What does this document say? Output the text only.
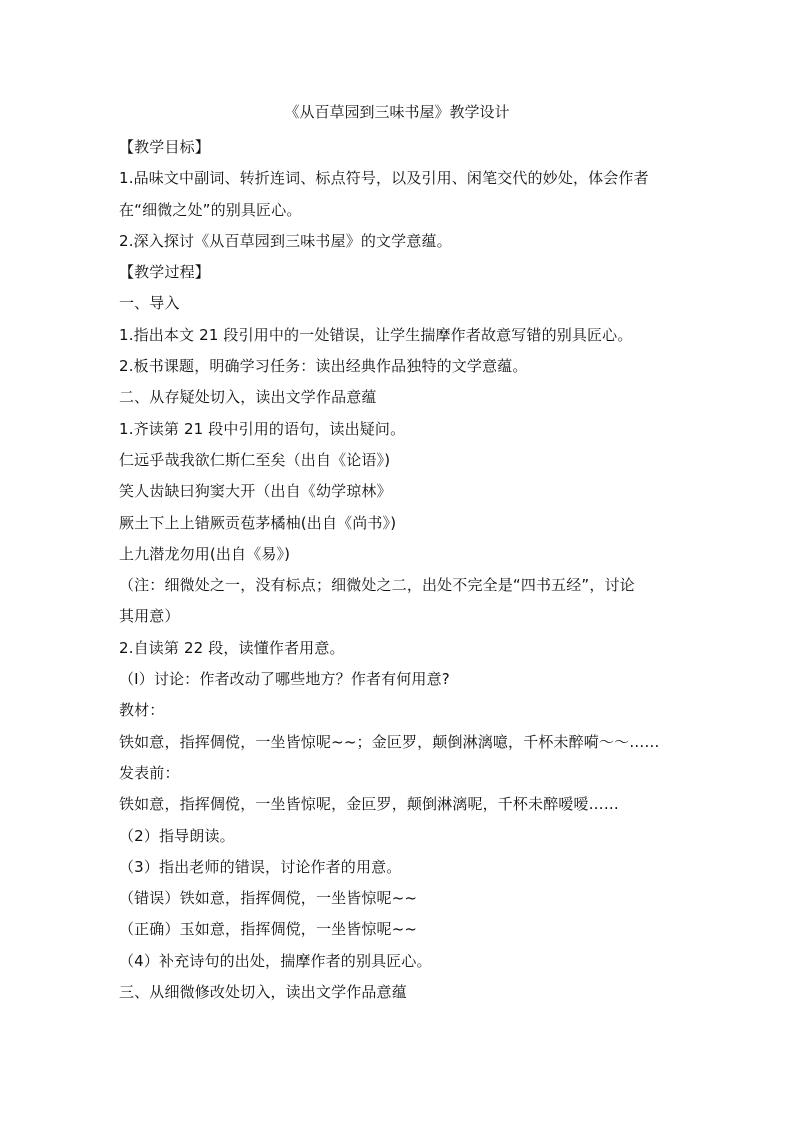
《从百草园到三味书屋》教学设计
【教学目标】
1.品味文中副词、转折连词、标点符号，以及引用、闲笔交代的妙处，体会作者
在“细微之处”的别具匠心。
2.深入探讨《从百草园到三味书屋》的文学意蕴。
【教学过程】
一、导入
1.指出本文 21 段引用中的一处错误，让学生揣摩作者故意写错的别具匠心。
2.板书课题，明确学习任务：读出经典作品独特的文学意蕴。
二、从存疑处切入，读出文学作品意蕴
1.齐读第 21 段中引用的语句，读出疑问。
仁远乎哉我欲仁斯仁至矣（出自《论语》)
笑人齿缺曰狗窦大开（出自《幼学琼林》
厥土下上上错厥贡苞茅橘柚(出自《尚书》)
上九潜龙勿用(出自《易》)
（注：细微处之一，没有标点；细微处之二，出处不完全是“四书五经”，讨论
其用意）
2.自读第 22 段，读懂作者用意。
（I）讨论：作者改动了哪些地方？作者有何用意?
教材：
铁如意，指挥倜傥，一坐皆惊呢~~；金叵罗，颠倒淋漓噫，千杯未醉嗬～～……
发表前：
铁如意，指挥倜傥，一坐皆惊呢，金叵罗，颠倒淋漓呢，千杯未醉嗳嗳……
（2）指导朗读。
（3）指出老师的错误，讨论作者的用意。
（错误）铁如意，指挥倜傥，一坐皆惊呢~~
（正确）玉如意，指挥倜傥，一坐皆惊呢~~
（4）补充诗句的出处，揣摩作者的别具匠心。
三、从细微修改处切入，读出文学作品意蕴
